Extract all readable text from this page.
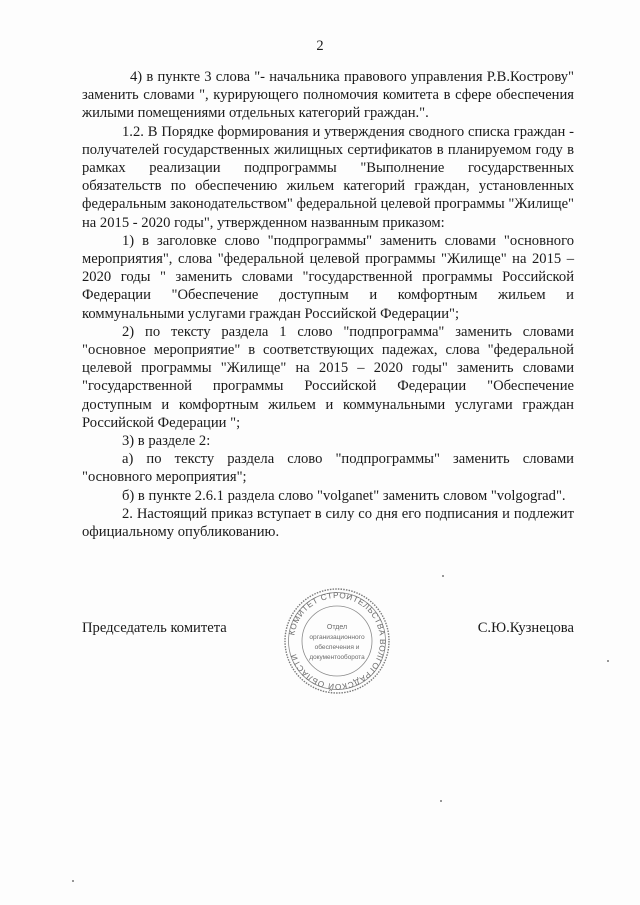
2

4) в пункте 3 слова "- начальника правового управления Р.В.Кострову" заменить словами ", курирующего полномочия комитета в сфере обеспечения жилыми помещениями отдельных категорий граждан.".

1.2. В Порядке формирования и утверждения сводного списка граждан - получателей государственных жилищных сертификатов в планируемом году в рамках реализации подпрограммы "Выполнение государственных обязательств по обеспечению жильем категорий граждан, установленных федеральным законодательством" федеральной целевой программы "Жилище" на 2015 - 2020 годы", утвержденном названным приказом:

1) в заголовке слово "подпрограммы" заменить словами "основного мероприятия", слова "федеральной целевой программы "Жилище" на 2015 – 2020 годы " заменить словами "государственной программы Российской Федерации "Обеспечение доступным и комфортным жильем и коммунальными услугами граждан Российской Федерации";

2) по тексту раздела 1 слово "подпрограмма" заменить словами "основное мероприятие" в соответствующих падежах, слова "федеральной целевой программы "Жилище" на 2015 – 2020 годы" заменить словами "государственной программы Российской Федерации "Обеспечение доступным и комфортным жильем и коммунальными услугами граждан Российской Федерации ";

3) в разделе 2:

а) по тексту раздела слово "подпрограммы" заменить словами "основного мероприятия";

б) в пункте 2.6.1 раздела слово "volganet" заменить словом "volgograd".

2. Настоящий приказ вступает в силу со дня его подписания и подлежит официальному опубликованию.

Председатель комитета	С.Ю.Кузнецова
КОМИТЕТ СТРОИТЕЛЬСТВА ВОЛГОГРАДСКОЙ ОБЛАСТИ
Отдел
организационного
обеспечения и
документооборота
